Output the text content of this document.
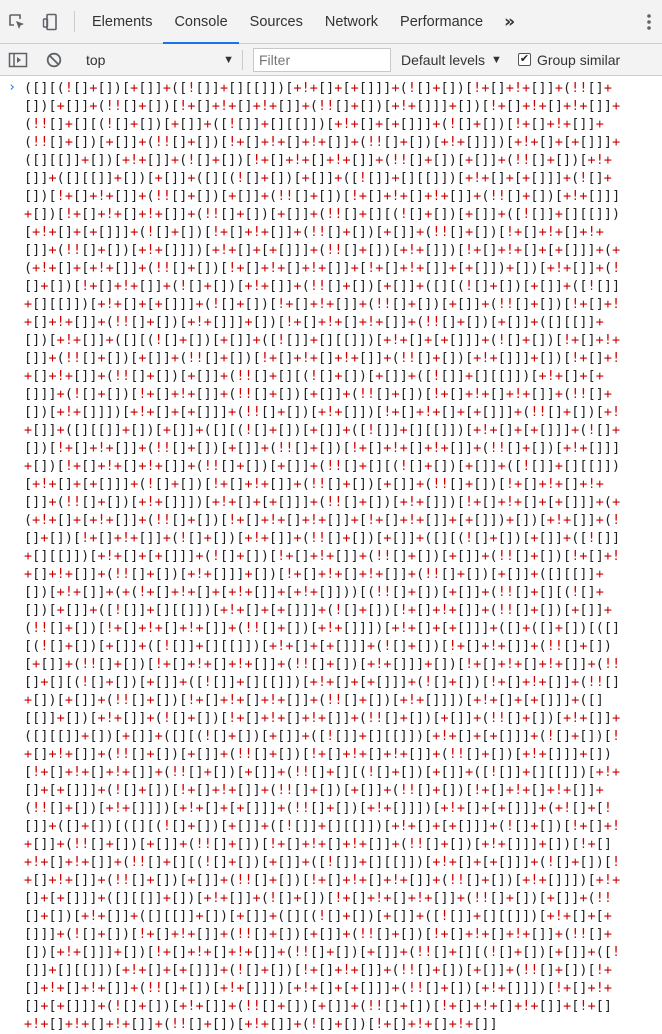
Elements	Console	Sources	Network	Performance	»
top	▼
Filter	Default levels ▼ ✔ Group similar
› ([][(![]+[])[+[]]+([![]]+[][[]])[+!+[]+[+[]]]+(![]+[])[!+[]+!+[]]+(!![]+[])[+[]]+(!![]+[])[!+[]+!+[]+!+[]]+(!![]+[])[+!+[]]]+[])[!+[]+!+[]+!+[]]+(!![]+[][(![]+[])[+[]]+([![]]+[][[]])[+!+[]+[+[]]]+(![]+[])[!+[]+!+[]]+(!![]+[])[+[]]+(!![]+[])[!+[]+!+[]+!+[]]+(!![]+[])[+!+[]]])[+!+[]+[+[]]]+([][[]]+[])[+!+[]]+(![]+[])[!+[]+!+[]+!+[]]+(!![]+[])[+[]]+(!![]+[])[+!+[]]+([][[]]+[])[+[]]+([][(![]+[])[+[]]+([![]]+[][[]])[+!+[]+[+[]]]+(![]+[])[!+[]+!+[]]+(!![]+[])[+[]]+(!![]+[])[!+[]+!+[]+!+[]]+(!![]+[])[+!+[]]]+[])[!+[]+!+[]+!+[]]+(!![]+[])[+[]]+(!![]+[][(![]+[])[+[]]+([![]]+[][[]])[+!+[]+[+[]]]+(![]+[])[!+[]+!+[]]+(!![]+[])[+[]]+(!![]+[])[!+[]+!+[]+!+[]]+(!![]+[])[+!+[]]])[+!+[]+[+[]]]+(!![]+[])[+!+[]])[!+[]+!+[]+[+[]]]+(+(+!+[]+[+!+[]]+(!![]+[])[!+[]+!+[]+!+[]]+[!+[]+!+[]]+[+[]])+[])[+!+[]]+(![]+[])[!+[]+!+[]]+(![]+[])[+!+[]]+(!![]+[])[+[]]+([][(![]+[])[+[]]+([![]]+[][[]])[+!+[]+[+[]]]+(![]+[])[!+[]+!+[]]+(!![]+[])[+[]]+(!![]+[])[!+[]+!+[]+!+[]]+(!![]+[])[+!+[]]]+[])[!+[]+!+[]+!+[]]+(!![]+[])[+[]]+([][[]]+[])[+!+[]]+([][(![]+[])[+[]]+([![]]+[][[]])[+!+[]+[+[]]]+(![]+[])[!+[]+!+[]]+(!![]+[])[+[]]+(!![]+[])[!+[]+!+[]+!+[]]+(!![]+[])[+!+[]]]+[])[!+[]+!+[]+!+[]]+(!![]+[])[+[]]+(!![]+[][(![]+[])[+[]]+([![]]+[][[]])[+!+[]+[+[]]]+(![]+[])[!+[]+!+[]]+(!![]+[])[+[]]+(!![]+[])[!+[]+!+[]+!+[]]+(!![]+[])[+!+[]]])[+!+[]+[+[]]]+(!![]+[])[+!+[]])[!+[]+!+[]+[+[]]]+(!![]+[])[+!+[]]+([][[]]+[])[+[]]+([][(![]+[])[+[]]+([![]]+[][[]])[+!+[]+[+[]]]+(![]+[])[!+[]+!+[]]+(!![]+[])[+[]]+(!![]+[])[!+[]+!+[]+!+[]]+(!![]+[])[+!+[]]]+[])[!+[]+!+[]+!+[]]+(!![]+[])[+[]]+(!![]+[][(![]+[])[+[]]+([![]]+[][[]])[+!+[]+[+[]]]+(![]+[])[!+[]+!+[]]+(!![]+[])[+[]]+(!![]+[])[!+[]+!+[]+!+[]]+(!![]+[])[+!+[]]])[+!+[]+[+[]]]+(!![]+[])[+!+[]])[!+[]+!+[]+[+[]]]+(+(+!+[]+[+!+[]]+(!![]+[])[!+[]+!+[]+!+[]]+[!+[]+!+[]]+[+[]])+[])[+!+[]]+(![]+[])[!+[]+!+[]]+(![]+[])[+!+[]]+(!![]+[])[+[]]+([][(![]+[])[+[]]+([![]]+[][[]])[+!+[]+[+[]]]+(![]+[])[!+[]+!+[]]+(!![]+[])[+[]]+(!![]+[])[!+[]+!+[]+!+[]]+(!![]+[])[+!+[]]]+[])[!+[]+!+[]+!+[]]+(!![]+[])[+[]]+([][[]]+[])[+!+[]]+(+(!+[]+!+[]+[+!+[]]+[+!+[]]))[(!![]+[])[+[]]+(!![]+[][(![]+[])[+[]]+([![]]+[][[]])[+!+[]+[+[]]]+(![]+[])[!+[]+!+[]]+(!![]+[])[+[]]+(!![]+[])[!+[]+!+[]+!+[]]+(!![]+[])[+!+[]]])[+!+[]+[+[]]]+([]+([]+[])[([][(![]+[])[+[]]+([![]]+[][[]])[+!+[]+[+[]]]+(![]+[])[!+[]+!+[]]+(!![]+[])[+[]]+(!![]+[])[!+[]+!+[]+!+[]]+(!![]+[])[+!+[]]]+[])[!+[]+!+[]+!+[]]+(!![]+[][(![]+[])[+[]]+([![]]+[][[]])[+!+[]+[+[]]]+(![]+[])[!+[]+!+[]]+(!![]+[])[+[]]+(!![]+[])[!+[]+!+[]+!+[]]+(!![]+[])[+!+[]]])[+!+[]+[+[]]]+([][[]]+[])[+!+[]]+(![]+[])[!+[]+!+[]+!+[]]+(!![]+[])[+[]]+(!![]+[])[+!+[]]+([][[]]+[])[+[]]+([][(![]+[])[+[]]+([![]]+[][[]])[+!+[]+[+[]]]+(![]+[])[!+[]+!+[]]+(!![]+[])[+[]]+(!![]+[])[!+[]+!+[]+!+[]]+(!![]+[])[+!+[]]]+[])[!+[]+!+[]+!+[]]+(!![]+[])[+[]]+(!![]+[][(![]+[])[+[]]+([![]]+[][[]])[+!+[]+[+[]]]+(![]+[])[!+[]+!+[]]+(!![]+[])[+[]]+(!![]+[])[!+[]+!+[]+!+[]]+(!![]+[])[+!+[]]])[+!+[]+[+[]]]+(!![]+[])[+!+[]]])[+!+[]+[+[]]]+(+![]+[![]]+([]+[])[([][(![]+[])[+[]]+([![]]+[][[]])[+!+[]+[+[]]]+(![]+[])[!+[]+!+[]]+(!![]+[])[+[]]+(!![]+[])[!+[]+!+[]+!+[]]+(!![]+[])[+!+[]]]+[])[!+[]+!+[]+!+[]]+(!![]+[][(![]+[])[+[]]+([![]]+[][[]])[+!+[]+[+[]]]+(![]+[])[!+[]+!+[]]+(!![]+[])[+[]]+(!![]+[])[!+[]+!+[]+!+[]]+(!![]+[])[+!+[]]])[+!+[]+[+[]]]+([][[]]+[])[+!+[]]+(![]+[])[!+[]+!+[]+!+[]]+(!![]+[])[+[]]+(!![]+[])[+!+[]]+([][[]]+[])[+[]]+([][(![]+[])[+[]]+([![]]+[][[]])[+!+[]+[+[]]]+(![]+[])[!+[]+!+[]]+(!![]+[])[+[]]+(!![]+[])[!+[]+!+[]+!+[]]+(!![]+[])[+!+[]]]+[])[!+[]+!+[]+!+[]]+(!![]+[])[+[]]+(!![]+[][(![]+[])[+[]]+([![]]+[][[]])[+!+[]+[+[]]]+(![]+[])[!+[]+!+[]]+(!![]+[])[+[]]+(!![]+[])[!+[]+!+[]+!+[]]+(!![]+[])[+!+[]]])[+!+[]+[+[]]]+(!![]+[])[+!+[]]])[!+[]+!+[]+[+[]]]+(![]+[])[+!+[]]+(!![]+[])[+[]]+(!![]+[])[!+[]+!+[]+!+[]]+[!+[]+!+[]+!+[]+!+[]]+(!![]+[])[+!+[]]+(![]+[])[!+[]+!+[]+!+[]]
